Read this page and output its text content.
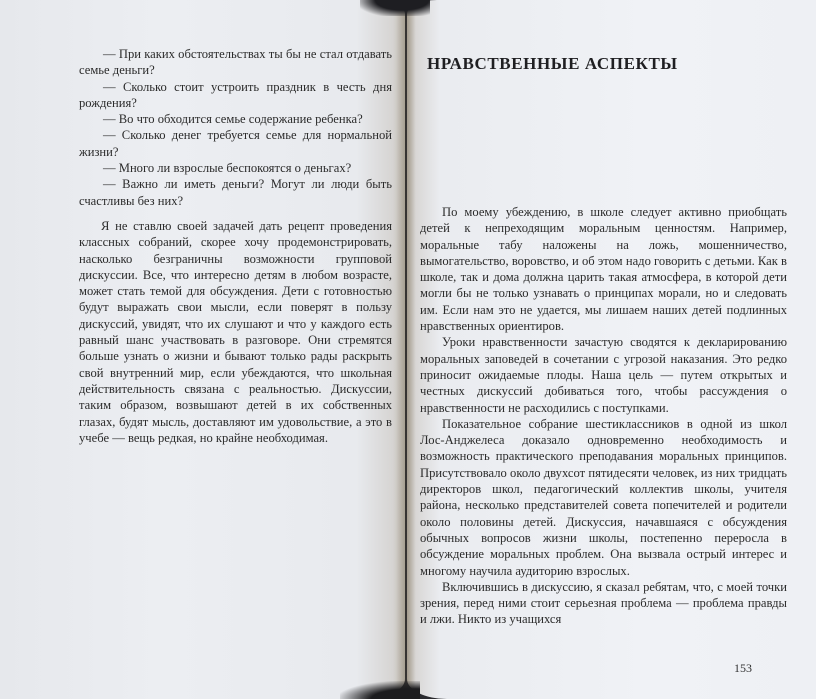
— При каких обстоятельствах ты бы не стал отдавать семье деньги?

— Сколько стоит устроить праздник в честь дня рождения?

— Во что обходится семье содержание ребенка?

— Сколько денег требуется семье для нормальной жизни?

— Много ли взрослые беспокоятся о деньгах?

— Важно ли иметь деньги? Могут ли люди быть счастливы без них?

Я не ставлю своей задачей дать рецепт проведения классных собраний, скорее хочу продемонстрировать, насколько безграничны возможности групповой дискуссии. Все, что интересно детям в любом возрасте, может стать темой для обсуждения. Дети с готовностью будут выражать свои мысли, если поверят в пользу дискуссий, увидят, что их слушают и что у каждого есть равный шанс участвовать в разговоре. Они стремятся больше узнать о жизни и бывают только рады раскрыть свой внутренний мир, если убеждаются, что школьная действительность связана с реальностью. Дискуссии, таким образом, возвышают детей в их собственных глазах, будят мысль, доставляют им удовольствие, а это в учебе — вещь редкая, но крайне необходимая.

НРАВСТВЕННЫЕ АСПЕКТЫ

По моему убеждению, в школе следует активно приобщать детей к непреходящим моральным ценностям. Например, моральные табу наложены на ложь, мошенничество, вымогательство, воровство, и об этом надо говорить с детьми. Как в школе, так и дома должна царить такая атмосфера, в которой дети могли бы не только узнавать о принципах морали, но и следовать им. Если нам это не удается, мы лишаем наших детей подлинных нравственных ориентиров.

Уроки нравственности зачастую сводятся к декларированию моральных заповедей в сочетании с угрозой наказания. Это редко приносит ожидаемые плоды. Наша цель — путем открытых и честных дискуссий добиваться того, чтобы рассуждения о нравственности не расходились с поступками.

Показательное собрание шестиклассников в одной из школ Лос-Анджелеса доказало одновременно необходимость и возможность практического преподавания моральных принципов. Присутствовало около двухсот пятидесяти человек, из них тридцать директоров школ, педагогический коллектив школы, учителя района, несколько представителей совета попечителей и родители около половины детей. Дискуссия, начавшаяся с обсуждения обычных вопросов жизни школы, постепенно переросла в обсуждение моральных проблем. Она вызвала острый интерес и многому научила аудиторию взрослых.

Включившись в дискуссию, я сказал ребятам, что, с моей точки зрения, перед ними стоит серьезная проблема — проблема правды и лжи. Никто из учащихся

153
